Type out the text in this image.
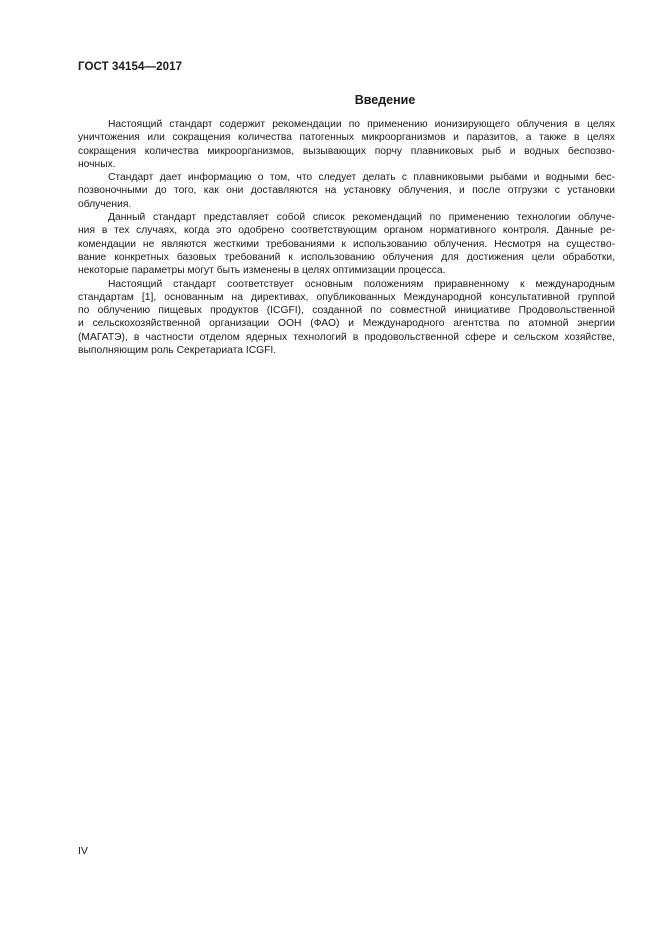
ГОСТ 34154—2017
Введение
Настоящий стандарт содержит рекомендации по применению ионизирующего облучения в целях
уничтожения или сокращения количества патогенных микроорганизмов и паразитов, а также в целях
сокращения количества микроорганизмов, вызывающих порчу плавниковых рыб и водных беспозво-
ночных.
Стандарт дает информацию о том, что следует делать с плавниковыми рыбами и водными бес-
позвоночными до того, как они доставляются на установку облучения, и после отгрузки с установки
облучения.
Данный стандарт представляет собой список рекомендаций по применению технологии облуче-
ния в тех случаях, когда это одобрено соответствующим органом нормативного контроля. Данные ре-
комендации не являются жесткими требованиями к использованию облучения. Несмотря на существо-
вание конкретных базовых требований к использованию облучения для достижения цели обработки,
некоторые параметры могут быть изменены в целях оптимизации процесса.
Настоящий стандарт соответствует основным положениям приравненному к международным
стандартам [1], основанным на директивах, опубликованных Международной консультативной группой
по облучению пищевых продуктов (ICGFI), созданной по совместной инициативе Продовольственной
и сельскохозяйственной организации ООН (ФАО) и Международного агентства по атомной энергии
(МАГАТЭ), в частности отделом ядерных технологий в продовольственной сфере и сельском хозяйстве,
выполняющим роль Секретариата ICGFI.
IV
